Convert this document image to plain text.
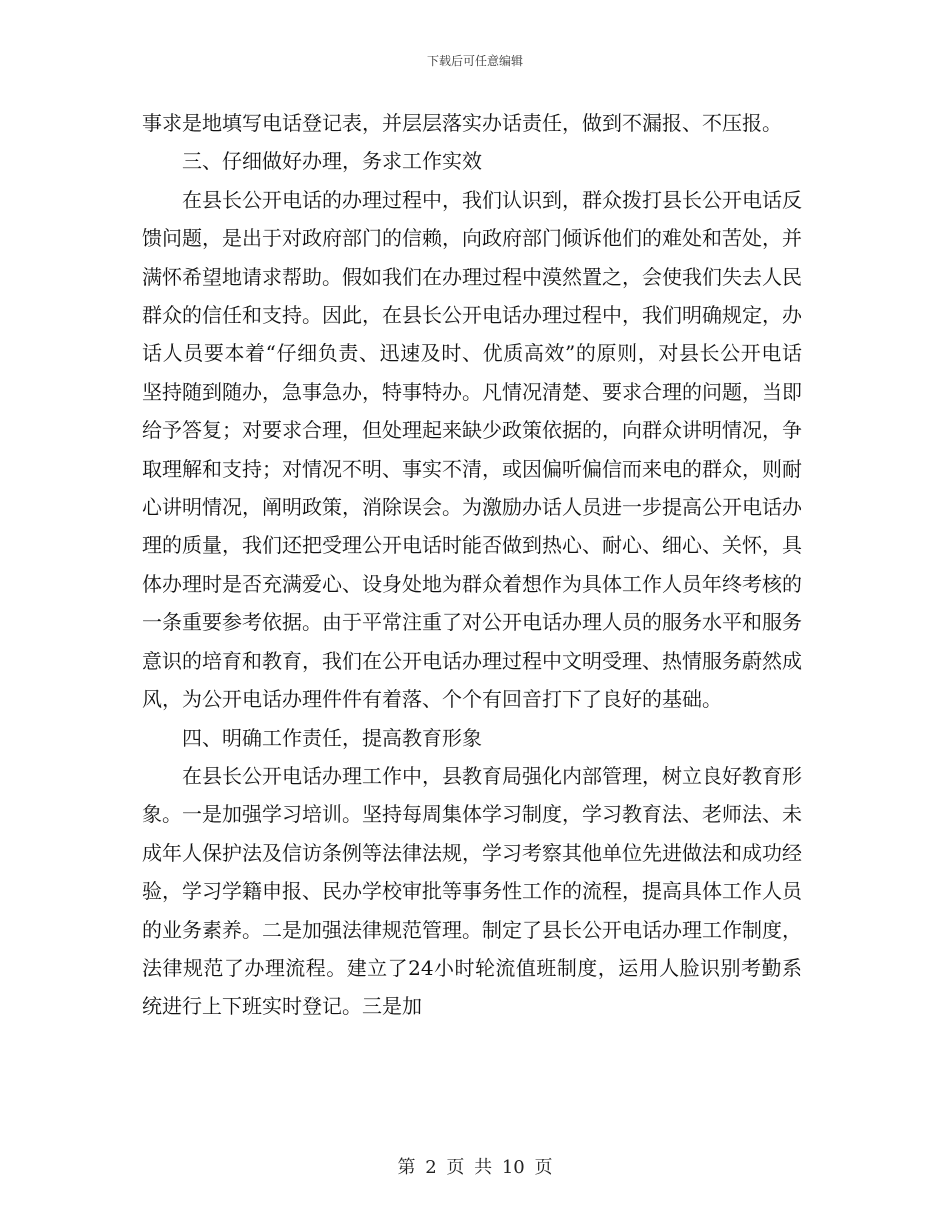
下载后可任意编辑

事求是地填写电话登记表，并层层落实办话责任，做到不漏报、不压报。

三、仔细做好办理，务求工作实效

在县长公开电话的办理过程中，我们认识到，群众拨打县长公开电话反馈问题，是出于对政府部门的信赖，向政府部门倾诉他们的难处和苦处，并满怀希望地请求帮助。假如我们在办理过程中漠然置之，会使我们失去人民群众的信任和支持。因此，在县长公开电话办理过程中，我们明确规定，办话人员要本着“仔细负责、迅速及时、优质高效”的原则，对县长公开电话坚持随到随办，急事急办，特事特办。凡情况清楚、要求合理的问题，当即给予答复；对要求合理，但处理起来缺少政策依据的，向群众讲明情况，争取理解和支持；对情况不明、事实不清，或因偏听偏信而来电的群众，则耐心讲明情况，阐明政策，消除误会。为激励办话人员进一步提高公开电话办理的质量，我们还把受理公开电话时能否做到热心、耐心、细心、关怀，具体办理时是否充满爱心、设身处地为群众着想作为具体工作人员年终考核的一条重要参考依据。由于平常注重了对公开电话办理人员的服务水平和服务意识的培育和教育，我们在公开电话办理过程中文明受理、热情服务蔚然成风，为公开电话办理件件有着落、个个有回音打下了良好的基础。

四、明确工作责任，提高教育形象

在县长公开电话办理工作中，县教育局强化内部管理，树立良好教育形象。一是加强学习培训。坚持每周集体学习制度，学习教育法、老师法、未成年人保护法及信访条例等法律法规，学习考察其他单位先进做法和成功经验，学习学籍申报、民办学校审批等事务性工作的流程，提高具体工作人员的业务素养。二是加强法律规范管理。制定了县长公开电话办理工作制度，法律规范了办理流程。建立了24小时轮流值班制度，运用人脸识别考勤系统进行上下班实时登记。三是加

第 2 页 共 10 页
